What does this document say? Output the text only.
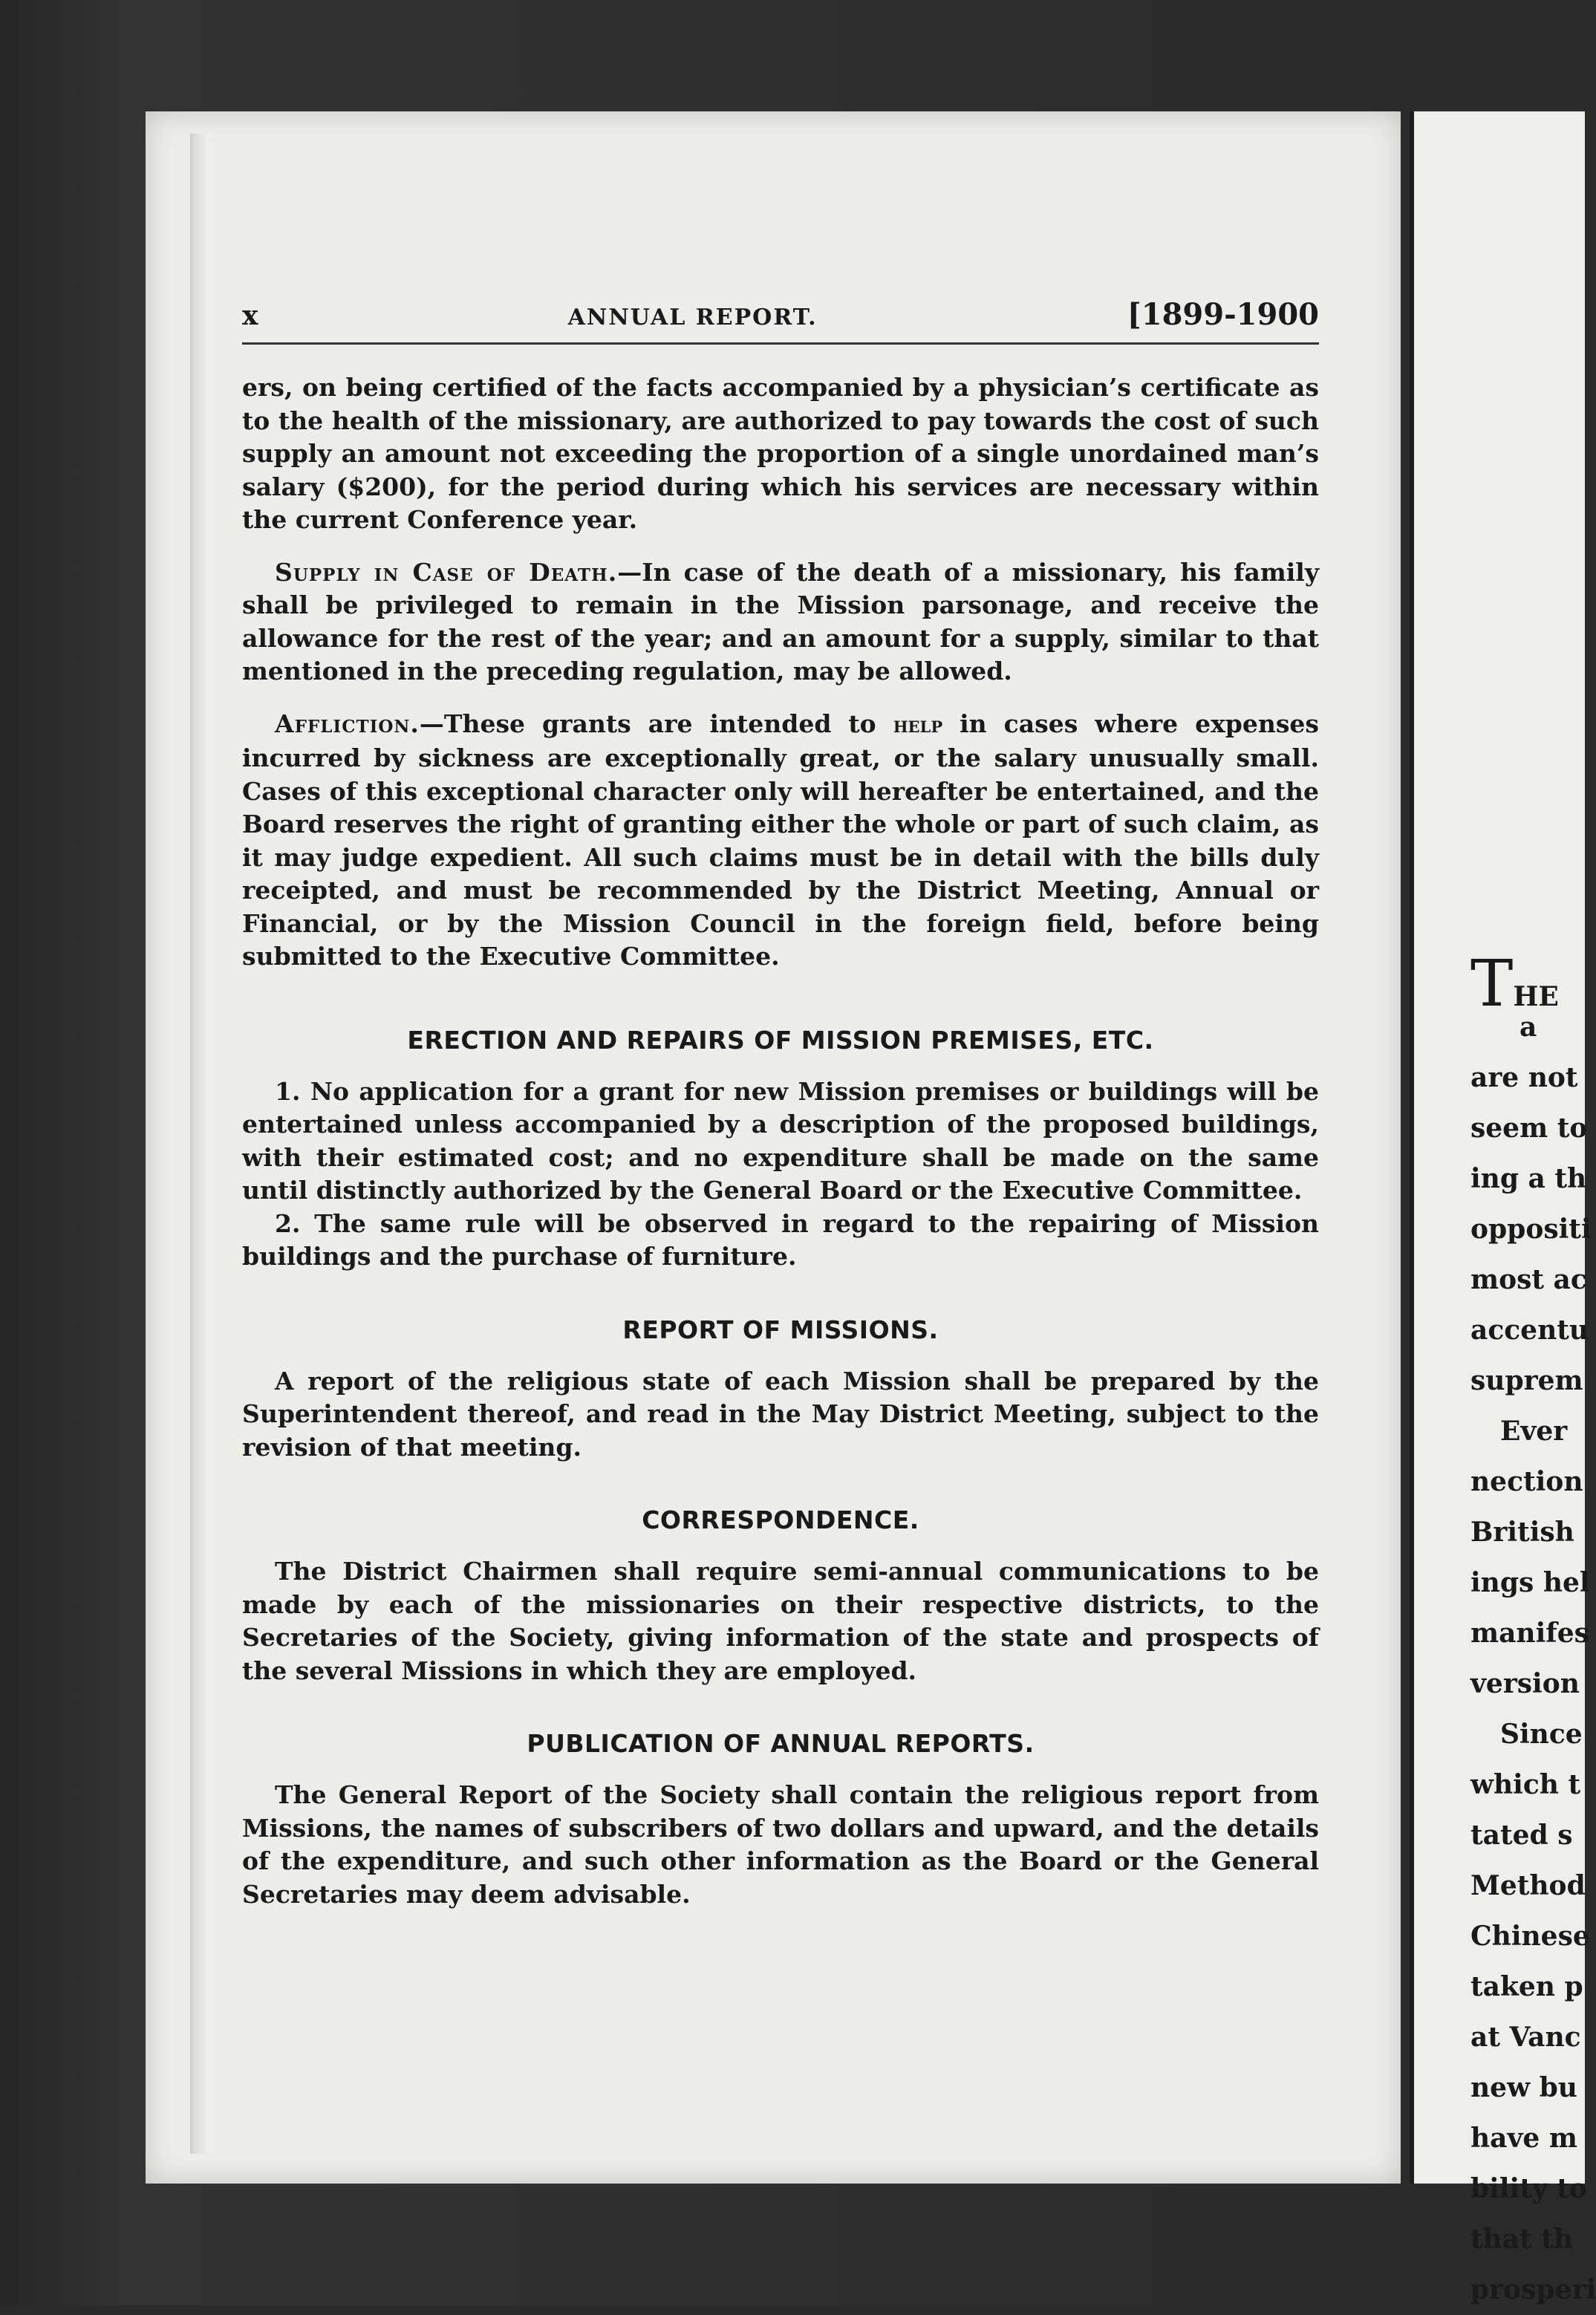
x	ANNUAL REPORT.	[1899-1900

ers, on being certified of the facts accompanied by a physician’s certificate as to the health of the missionary, are authorized to pay towards the cost of such supply an amount not exceeding the proportion of a single unordained man’s salary ($200), for the period during which his services are necessary within the current Conference year.

Supply in Case of Death.—In case of the death of a missionary, his family shall be privileged to remain in the Mission parsonage, and receive the allowance for the rest of the year; and an amount for a supply, similar to that mentioned in the preceding regulation, may be allowed.

Affliction.—These grants are intended to help in cases where expenses incurred by sickness are exceptionally great, or the salary unusually small. Cases of this exceptional character only will hereafter be entertained, and the Board reserves the right of granting either the whole or part of such claim, as it may judge expedient. All such claims must be in detail with the bills duly receipted, and must be recommended by the District Meeting, Annual or Financial, or by the Mission Council in the foreign field, before being submitted to the Executive Committee.

ERECTION AND REPAIRS OF MISSION PREMISES, ETC.

1. No application for a grant for new Mission premises or buildings will be entertained unless accompanied by a description of the proposed buildings, with their estimated cost; and no expenditure shall be made on the same until distinctly authorized by the General Board or the Executive Committee.

2. The same rule will be observed in regard to the repairing of Mission buildings and the purchase of furniture.

REPORT OF MISSIONS.

A report of the religious state of each Mission shall be prepared by the Superintendent thereof, and read in the May District Meeting, subject to the revision of that meeting.

CORRESPONDENCE.

The District Chairmen shall require semi-annual communications to be made by each of the missionaries on their respective districts, to the Secretaries of the Society, giving information of the state and prospects of the several Missions in which they are employed.

PUBLICATION OF ANNUAL REPORTS.

The General Report of the Society shall contain the religious report from Missions, the names of subscribers of two dollars and upward, and the details of the expenditure, and such other information as the Board or the General Secretaries may deem advisable.

THE
a
are not
seem to
ing a th
oppositi
most ac
accentu
suprem
Ever
nection
British
ings hel
manifes
version
Since
which t
tated s
Method
Chinese
taken p
at Vanc
new bu
have m
bility to
that th
prosperi
